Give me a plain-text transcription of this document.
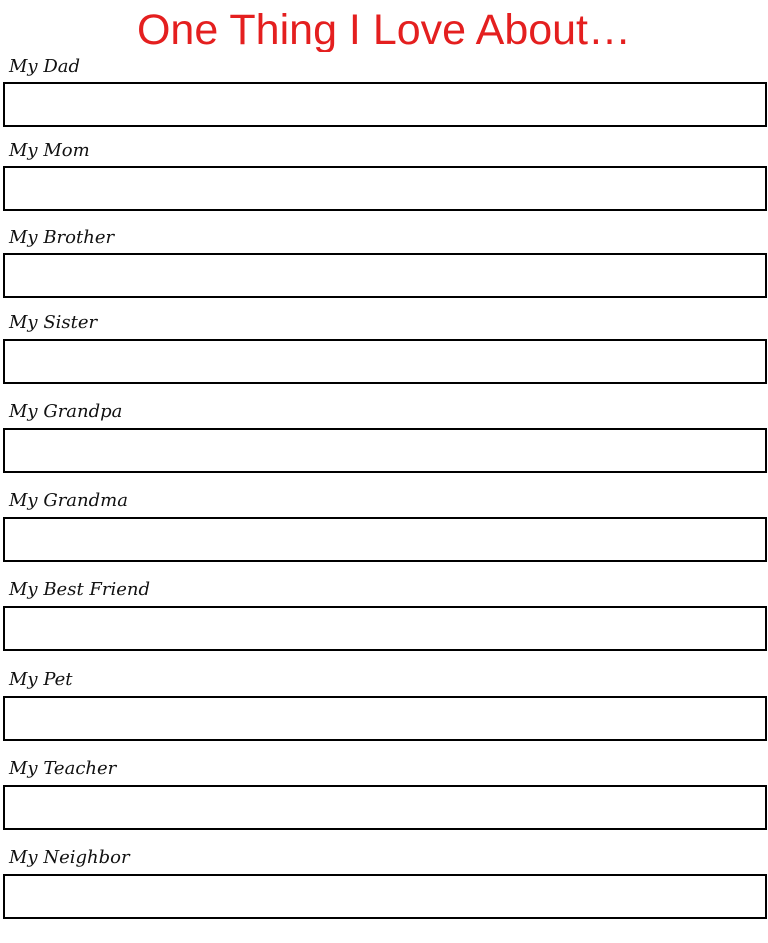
One Thing I Love About…
My Dad
My Mom
My Brother
My Sister
My Grandpa
My Grandma
My Best Friend
My Pet
My Teacher
My Neighbor
